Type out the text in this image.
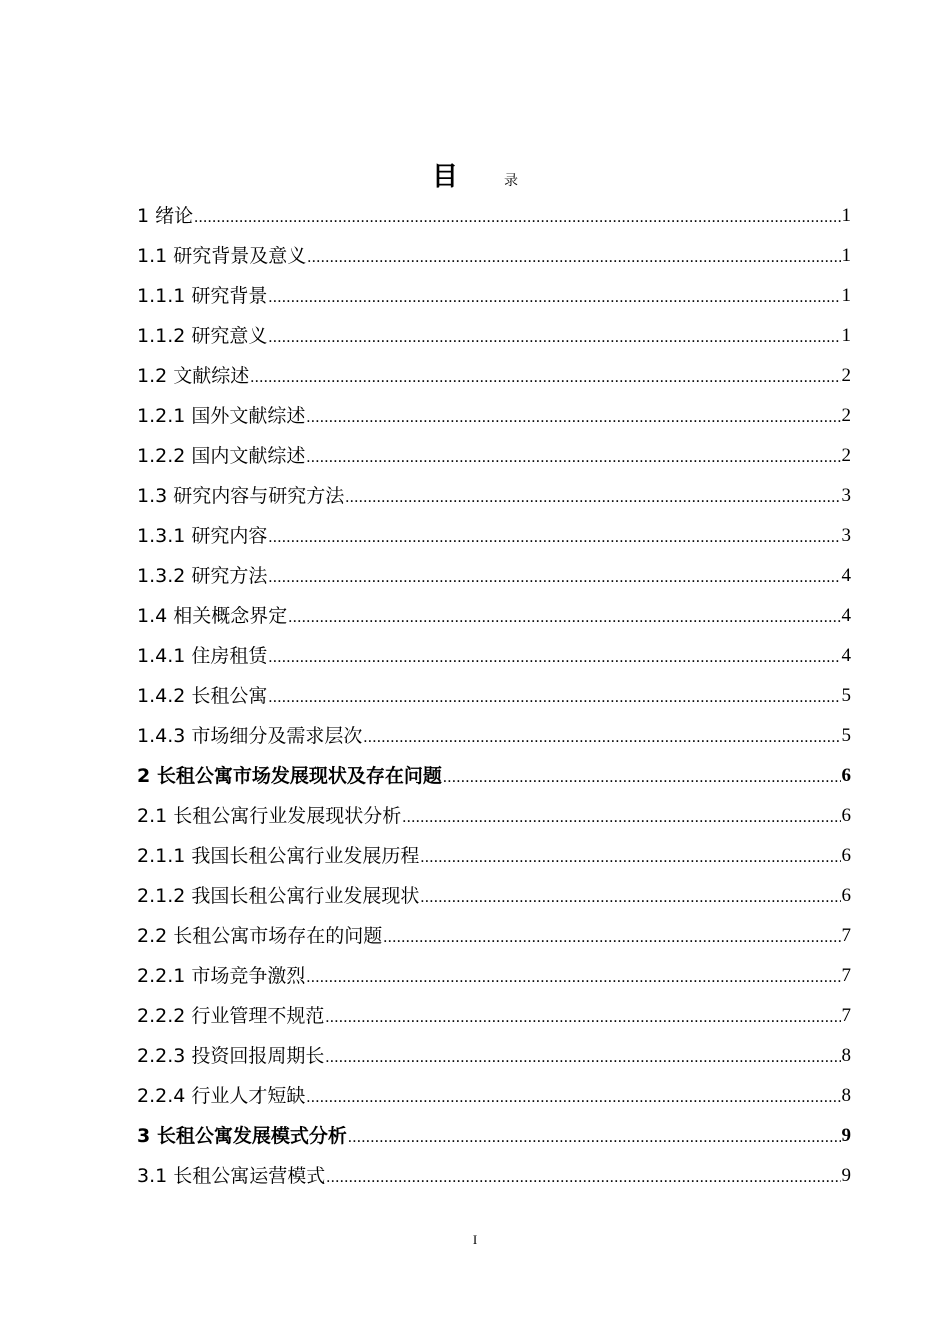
目	录
1 绪论 .....	1
1.1 研究背景及意义 .....	1
1.1.1 研究背景 .....	1
1.1.2 研究意义 .....	1
1.2 文献综述 .....	2
1.2.1 国外文献综述 .....	2
1.2.2 国内文献综述 .....	2
1.3 研究内容与研究方法 .....	3
1.3.1 研究内容 .....	3
1.3.2 研究方法 .....	4
1.4 相关概念界定 .....	4
1.4.1 住房租赁 .....	4
1.4.2 长租公寓 .....	5
1.4.3 市场细分及需求层次 .....	5
2 长租公寓市场发展现状及存在问题 .....	6
2.1 长租公寓行业发展现状分析 .....	6
2.1.1 我国长租公寓行业发展历程 .....	6
2.1.2 我国长租公寓行业发展现状 .....	6
2.2 长租公寓市场存在的问题 .....	7
2.2.1 市场竞争激烈 .....	7
2.2.2 行业管理不规范 .....	7
2.2.3 投资回报周期长 .....	8
2.2.4 行业人才短缺 .....	8
3 长租公寓发展模式分析 .....	9
3.1 长租公寓运营模式 .....	9
I
